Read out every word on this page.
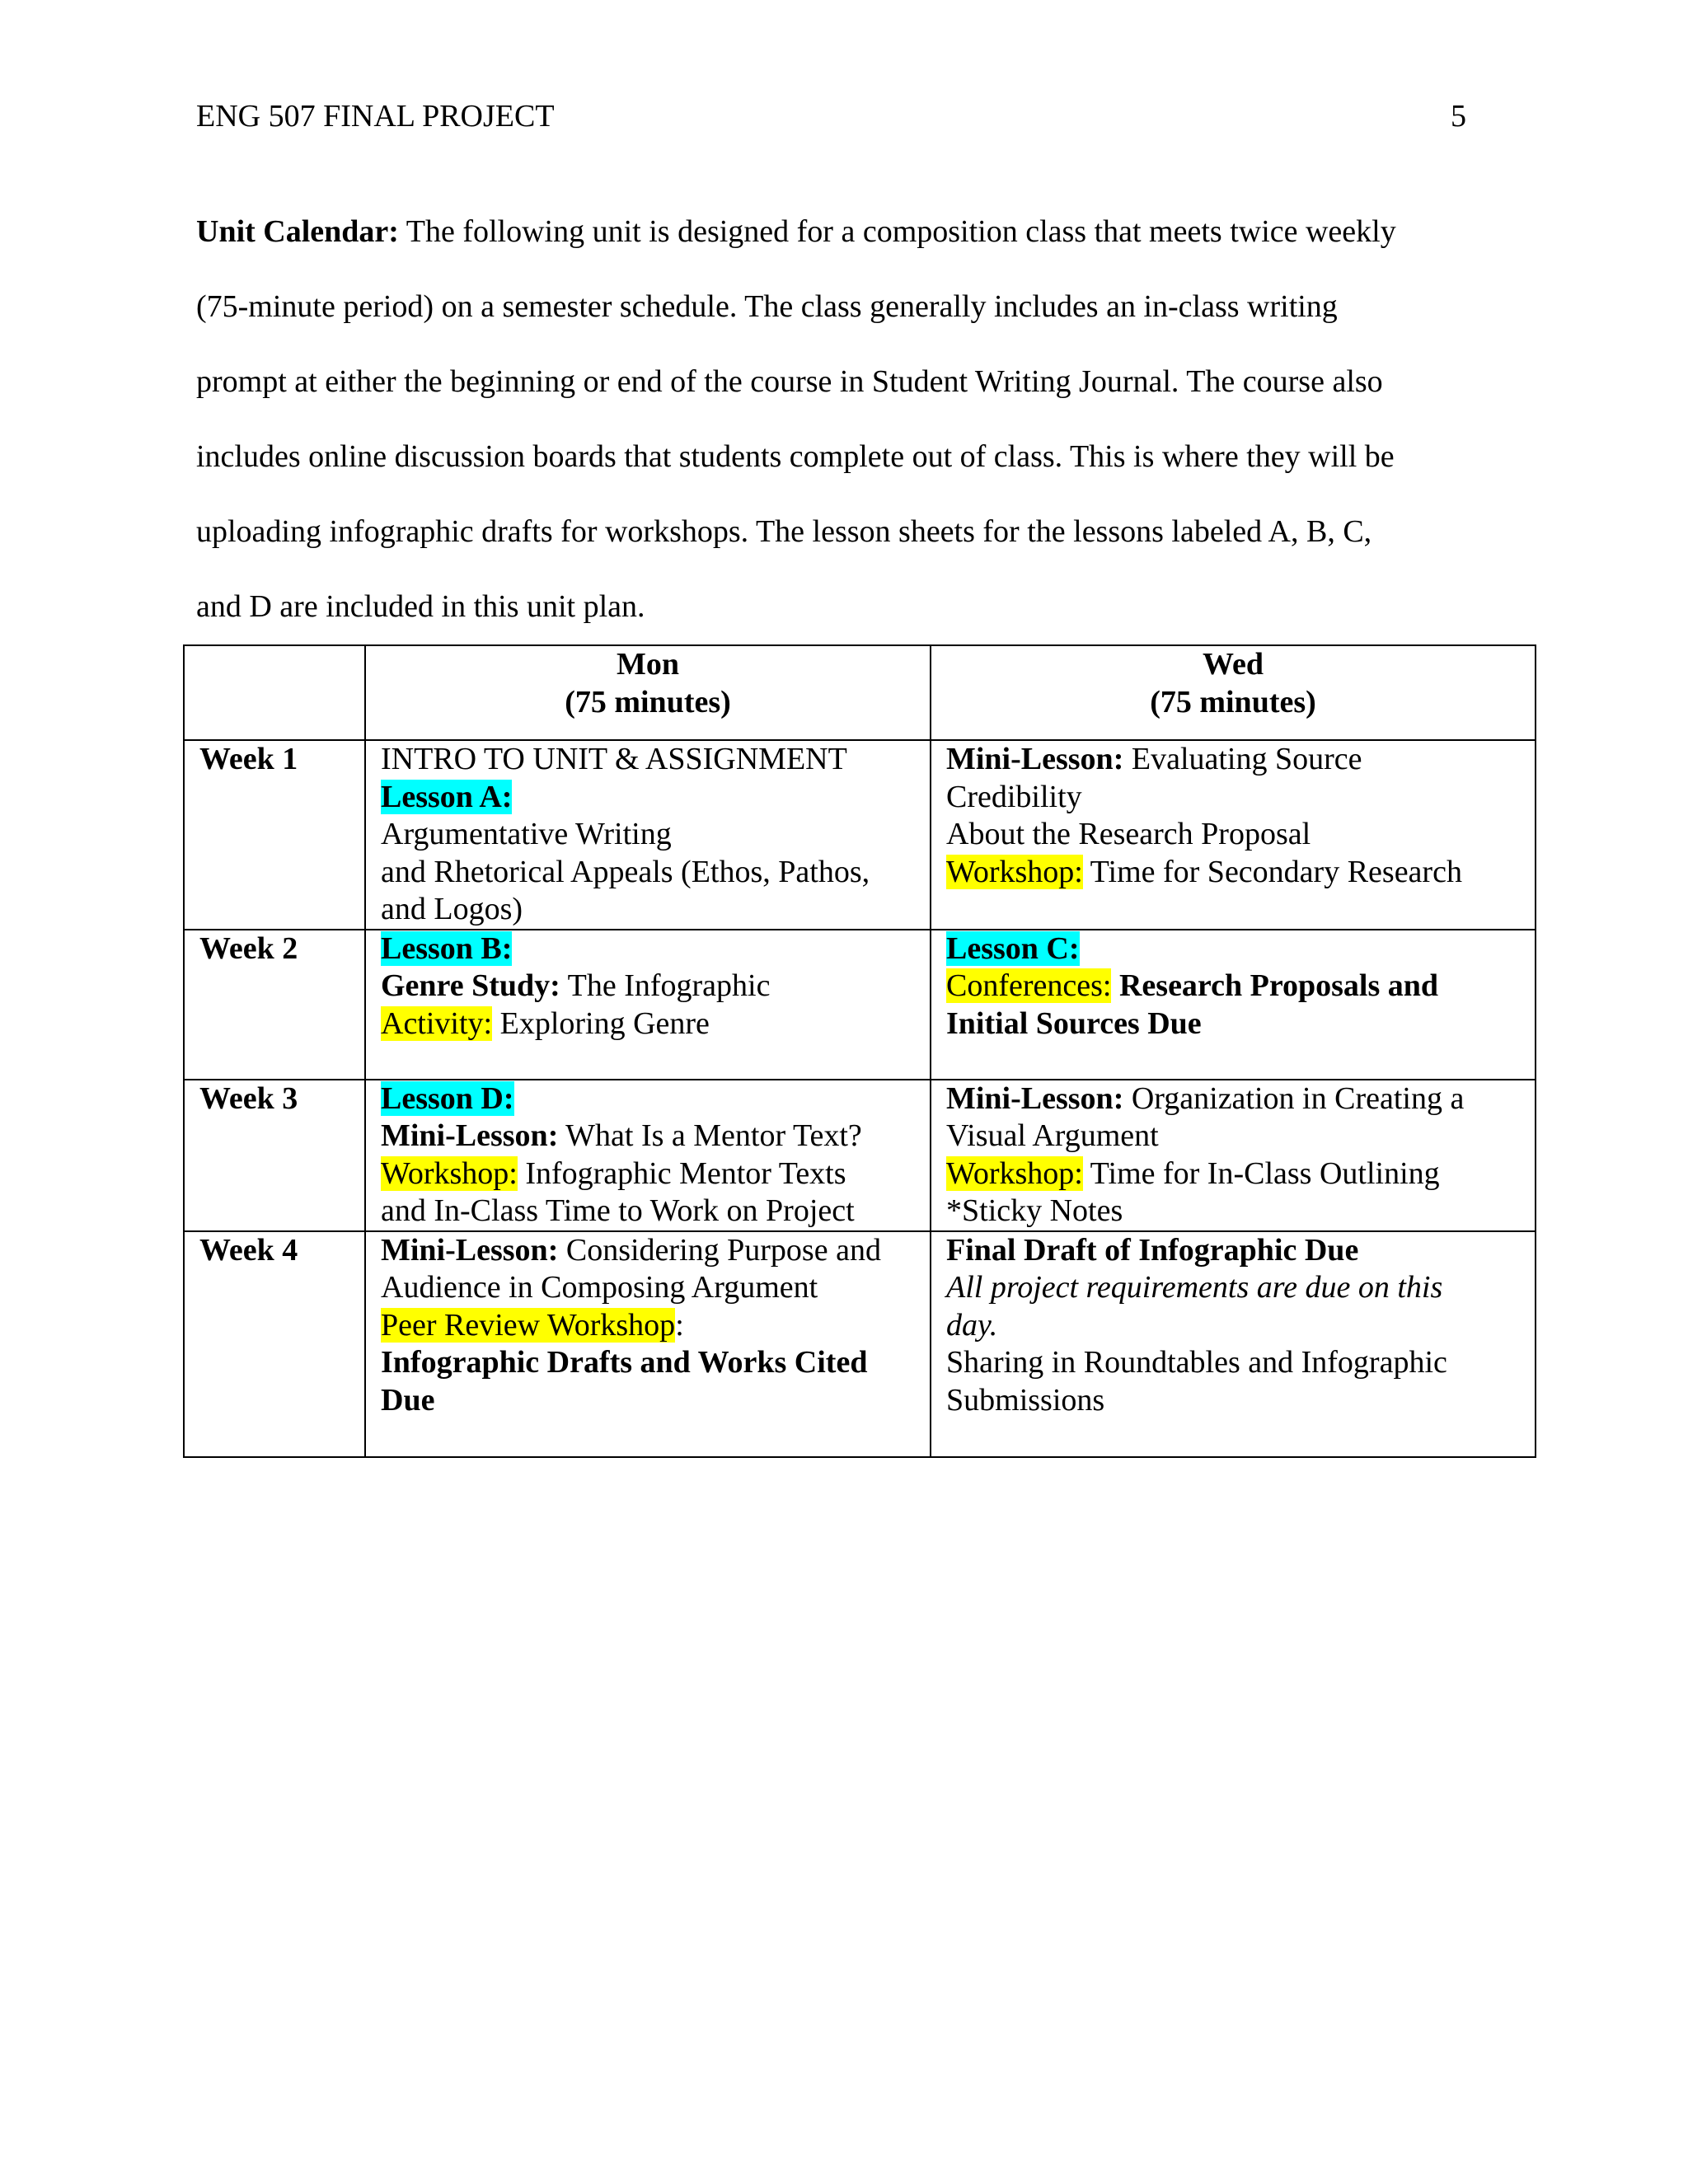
ENG 507 FINAL PROJECT	5
Unit Calendar: The following unit is designed for a composition class that meets twice weekly
(75-minute period) on a semester schedule. The class generally includes an in-class writing
prompt at either the beginning or end of the course in Student Writing Journal. The course also
includes online discussion boards that students complete out of class. This is where they will be
uploading infographic drafts for workshops. The lesson sheets for the lessons labeled A, B, C,
and D are included in this unit plan.

	Mon
(75 minutes)	Wed
(75 minutes)

Week 1	INTRO TO UNIT & ASSIGNMENT
Lesson A:
Argumentative Writing
and Rhetorical Appeals (Ethos, Pathos,
and Logos)	Mini-Lesson: Evaluating Source
Credibility
About the Research Proposal
Workshop: Time for Secondary Research

Week 2	Lesson B:
Genre Study: The Infographic
Activity: Exploring Genre	Lesson C:
Conferences: Research Proposals and
Initial Sources Due

Week 3	Lesson D:
Mini-Lesson: What Is a Mentor Text?
Workshop: Infographic Mentor Texts
and In-Class Time to Work on Project	Mini-Lesson: Organization in Creating a
Visual Argument
Workshop: Time for In-Class Outlining
*Sticky Notes

Week 4	Mini-Lesson: Considering Purpose and
Audience in Composing Argument
Peer Review Workshop:
Infographic Drafts and Works Cited
Due	Final Draft of Infographic Due
All project requirements are due on this
day.
Sharing in Roundtables and Infographic
Submissions
